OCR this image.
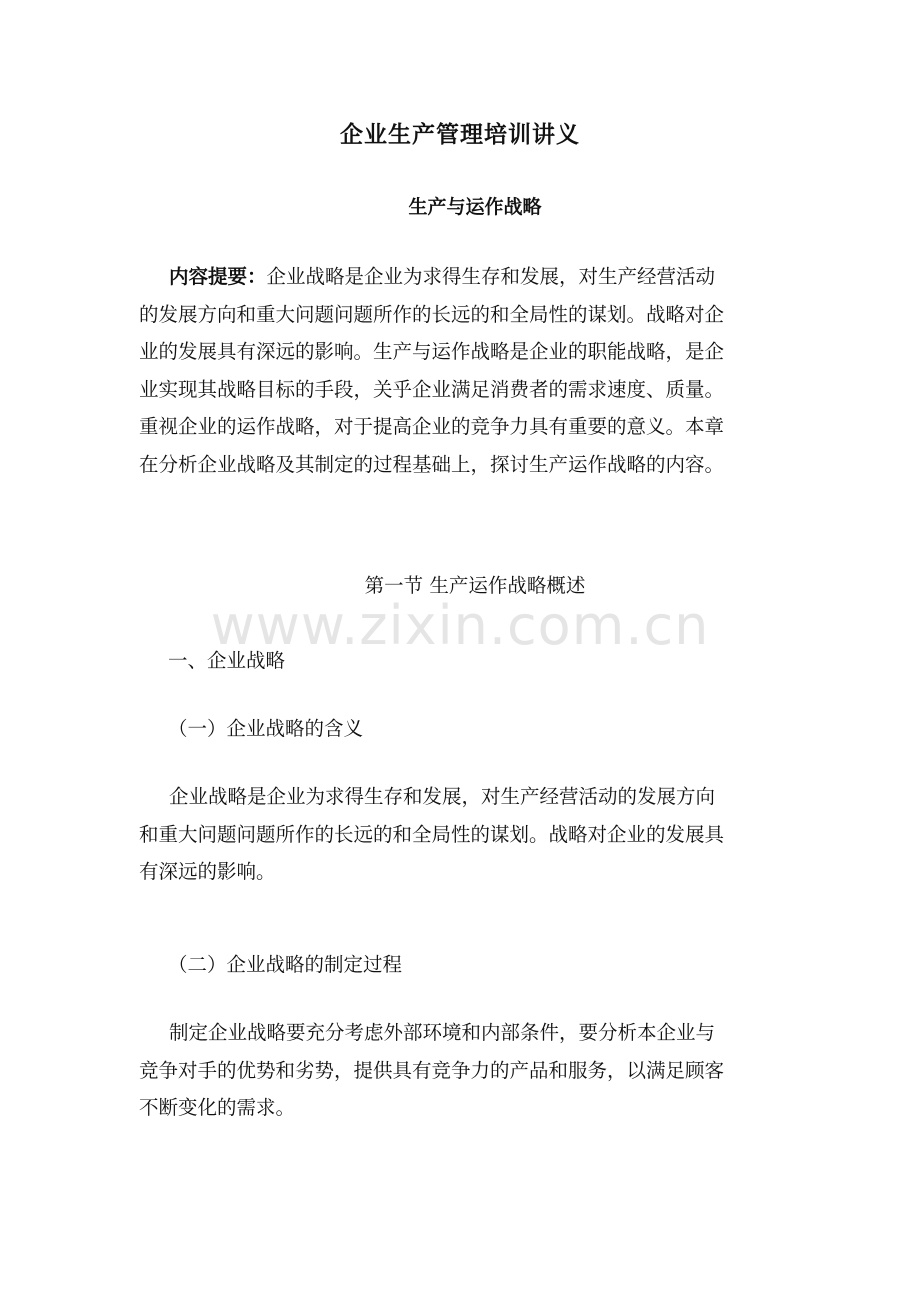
企业生产管理培训讲义
生产与运作战略

内容提要：企业战略是企业为求得生存和发展，对生产经营活动
的发展方向和重大问题问题所作的长远的和全局性的谋划。战略对企
业的发展具有深远的影响。生产与运作战略是企业的职能战略，是企
业实现其战略目标的手段，关乎企业满足消费者的需求速度、质量。
重视企业的运作战略，对于提高企业的竞争力具有重要的意义。本章
在分析企业战略及其制定的过程基础上，探讨生产运作战略的内容。

第一节 生产运作战略概述
一、企业战略
（一）企业战略的含义

企业战略是企业为求得生存和发展，对生产经营活动的发展方向
和重大问题问题所作的长远的和全局性的谋划。战略对企业的发展具
有深远的影响。

（二）企业战略的制定过程

制定企业战略要充分考虑外部环境和内部条件，要分析本企业与
竞争对手的优势和劣势，提供具有竞争力的产品和服务，以满足顾客
不断变化的需求。

www.zixin.com.cn
